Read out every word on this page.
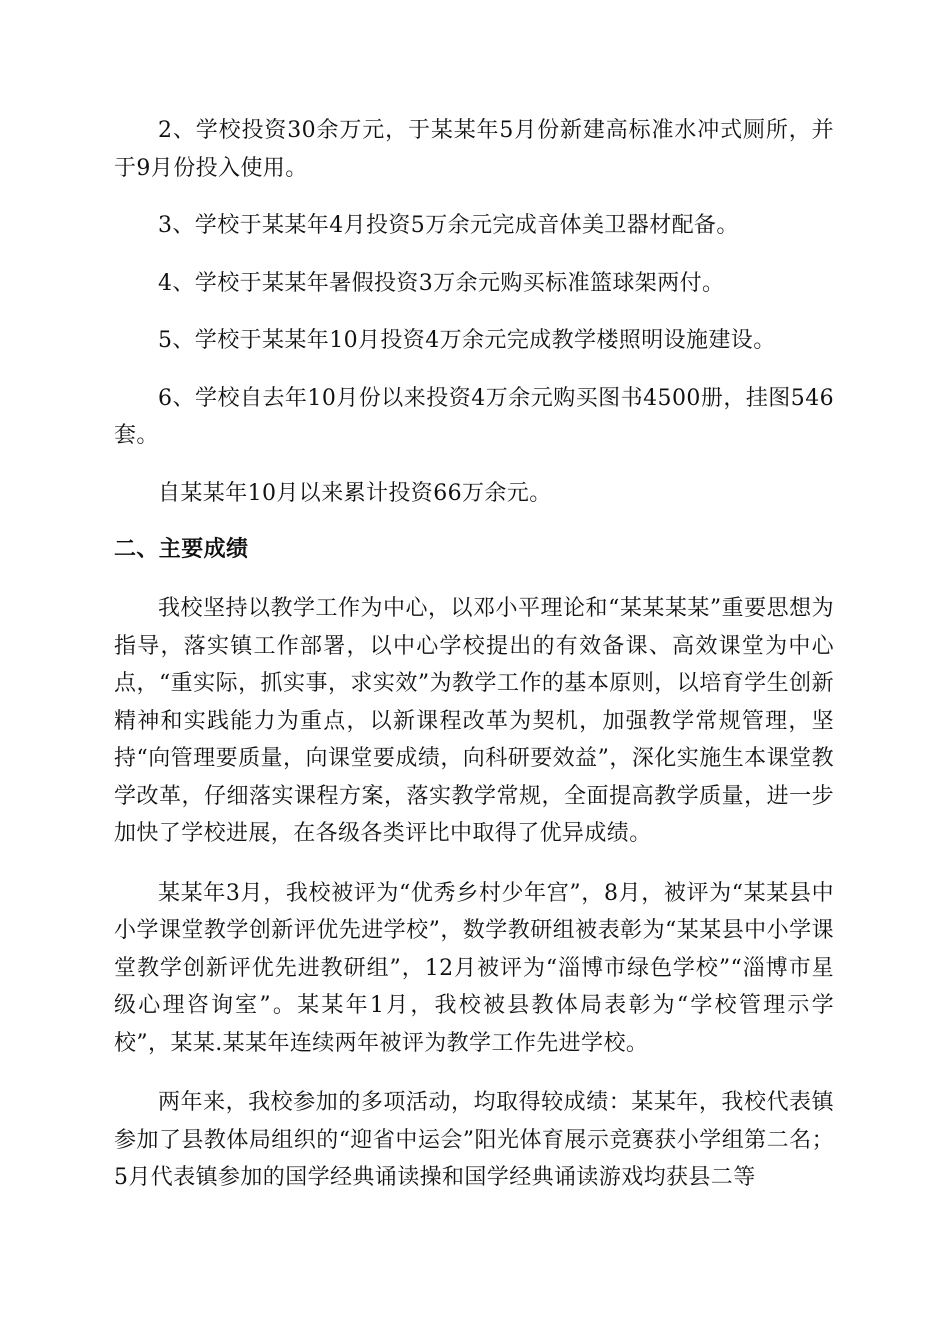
2、学校投资30余万元，于某某年5月份新建高标准水冲式厕所，并于9月份投入使用。

3、学校于某某年4月投资5万余元完成音体美卫器材配备。

4、学校于某某年暑假投资3万余元购买标准篮球架两付。

5、学校于某某年10月投资4万余元完成教学楼照明设施建设。

6、学校自去年10月份以来投资4万余元购买图书4500册，挂图546套。

自某某年10月以来累计投资66万余元。

二、主要成绩

我校坚持以教学工作为中心，以邓小平理论和“某某某某”重要思想为指导，落实镇工作部署，以中心学校提出的有效备课、高效课堂为中心点，“重实际，抓实事，求实效”为教学工作的基本原则，以培育学生创新精神和实践能力为重点，以新课程改革为契机，加强教学常规管理，坚持“向管理要质量，向课堂要成绩，向科研要效益”，深化实施生本课堂教学改革，仔细落实课程方案，落实教学常规，全面提高教学质量，进一步加快了学校进展，在各级各类评比中取得了优异成绩。

某某年3月，我校被评为“优秀乡村少年宫”，8月，被评为“某某县中小学课堂教学创新评优先进学校”，数学教研组被表彰为“某某县中小学课堂教学创新评优先进教研组”，12月被评为“淄博市绿色学校”“淄博市星级心理咨询室”。某某年1月，我校被县教体局表彰为“学校管理示学校”，某某.某某年连续两年被评为教学工作先进学校。

两年来，我校参加的多项活动，均取得较成绩：某某年，我校代表镇参加了县教体局组织的“迎省中运会”阳光体育展示竞赛获小学组第二名；5月代表镇参加的国学经典诵读操和国学经典诵读游戏均获县二等
